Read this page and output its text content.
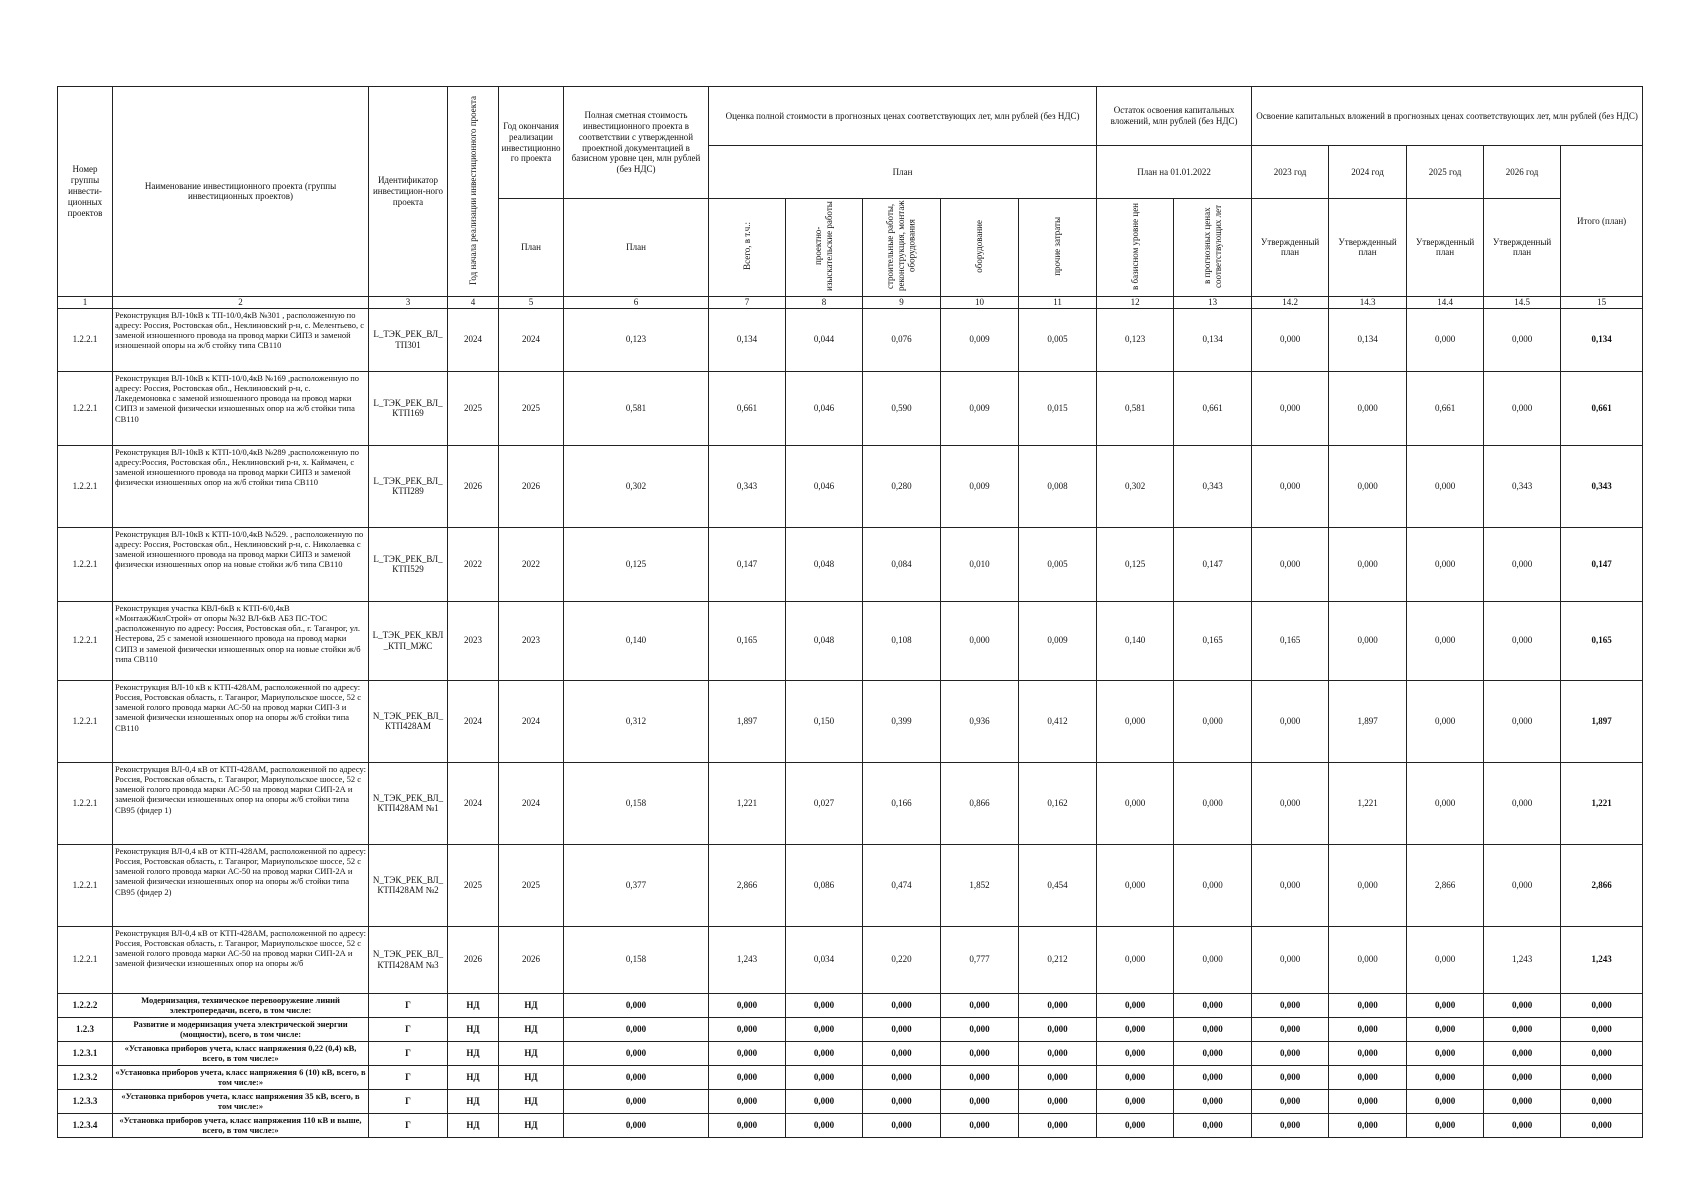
Номер группы инвести-ционных проектов	Наименование инвестиционного проекта (группы инвестиционных проектов)	Идентификатор инвестицион-ного проекта	Год начала реализации инвестиционного проекта	Год окончания реализации инвестиционного проекта	Полная сметная стоимость инвестиционного проекта в соответствии с утвержденной проектной документацией в базисном уровне цен, млн рублей (без НДС)	Оценка полной стоимости в прогнозных ценах соответствующих лет, млн рублей (без НДС)					Остаток освоения капитальных вложений, млн рублей (без НДС)		Освоение капитальных вложений в прогнозных ценах соответствующих лет, млн рублей (без НДС)				
						План					План на 01.01.2022		2023 год	2024 год	2025 год	2026 год	Итого (план)
				План	План	Всего, в т.ч.:	проектно-изыскательские работы	строительные работы, реконструкция, монтаж оборудования	оборудование	прочие затраты	в базисном уровне цен	в прогнозных ценах соответствующих лет	Утвержденный план	Утвержденный план	Утвержденный план	Утвержденный план	
1	2	3	4	5	6	7	8	9	10	11	12	13	14.2	14.3	14.4	14.5	15
1.2.2.1	Реконструкция ВЛ-10кВ к ТП-10/0,4кВ №301 , расположенную по адресу: Россия, Ростовская обл., Неклиновский р-н, с. Мелентьево, с заменой изношенного провода на провод марки СИП3 и заменой изношенной опоры на ж/б стойку типа СВ110	L_ТЭК_РЕК_ВЛ_ТП301	2024	2024	0,123	0,134	0,044	0,076	0,009	0,005	0,123	0,134	0,000	0,134	0,000	0,000	0,134
1.2.2.1	Реконструкция ВЛ-10кВ к КТП-10/0,4кВ №169 ,расположенную по адресу: Россия, Ростовская обл., Неклиновский р-н, с. Лакедемоновка с заменой изношенного провода на провод марки СИП3 и заменой физически изношенных опор на ж/б стойки типа СВ110	L_ТЭК_РЕК_ВЛ_КТП169	2025	2025	0,581	0,661	0,046	0,590	0,009	0,015	0,581	0,661	0,000	0,000	0,661	0,000	0,661
1.2.2.1	Реконструкция ВЛ-10кВ к КТП-10/0,4кВ №289 ,расположенную по адресу:Россия, Ростовская обл., Неклиновский р-н, х. Каймачен, с заменой изношенного провода на провод марки СИП3 и заменой физически изношенных опор на ж/б стойки типа СВ110	L_ТЭК_РЕК_ВЛ_КТП289	2026	2026	0,302	0,343	0,046	0,280	0,009	0,008	0,302	0,343	0,000	0,000	0,000	0,343	0,343
1.2.2.1	Реконструкция ВЛ-10кВ к КТП-10/0,4кВ №529. , расположенную по адресу: Россия, Ростовская обл., Неклиновский р-н, с. Николаевка с заменой изношенного провода на провод марки СИП3 и заменой физически изношенных опор на новые стойки ж/б типа СВ110	L_ТЭК_РЕК_ВЛ_КТП529	2022	2022	0,125	0,147	0,048	0,084	0,010	0,005	0,125	0,147	0,000	0,000	0,000	0,000	0,147
1.2.2.1	Реконструкция участка КВЛ-6кВ к КТП-6/0,4кВ «МонтажЖилСтрой» от опоры №32 ВЛ-6кВ АБЗ ПС-ТОС ,расположенную по адресу: Россия, Ростовская обл., г. Таганрог, ул. Нестерова, 25 с заменой изношенного провода на провод марки СИП3 и заменой физически изношенных опор на новые стойки ж/б типа СВ110	L_ТЭК_РЕК_КВЛ_КТП_МЖС	2023	2023	0,140	0,165	0,048	0,108	0,000	0,009	0,140	0,165	0,165	0,000	0,000	0,000	0,165
1.2.2.1	Реконструкция ВЛ-10 кВ к КТП-428АМ, расположенной по адресу: Россия, Ростовская область, г. Таганрог, Мариупольское шоссе, 52 с заменой голого провода марки АС-50 на провод марки СИП-3 и заменой физически изношенных опор на опоры ж/б стойки типа СВ110	N_ТЭК_РЕК_ВЛ_КТП428АМ	2024	2024	0,312	1,897	0,150	0,399	0,936	0,412	0,000	0,000	0,000	1,897	0,000	0,000	1,897
1.2.2.1	Реконструкция ВЛ-0,4 кВ от КТП-428АМ, расположенной по адресу: Россия, Ростовская область, г. Таганрог, Мариупольское шоссе, 52 с заменой голого провода марки АС-50 на провод марки СИП-2А и заменой физически изношенных опор на опоры ж/б стойки типа СВ95 (фидер 1)	N_ТЭК_РЕК_ВЛ_КТП428АМ №1	2024	2024	0,158	1,221	0,027	0,166	0,866	0,162	0,000	0,000	0,000	1,221	0,000	0,000	1,221
1.2.2.1	Реконструкция ВЛ-0,4 кВ от КТП-428АМ, расположенной по адресу: Россия, Ростовская область, г. Таганрог, Мариупольское шоссе, 52 с заменой голого провода марки АС-50 на провод марки СИП-2А и заменой физически изношенных опор на опоры ж/б стойки типа СВ95 (фидер 2)	N_ТЭК_РЕК_ВЛ_КТП428АМ №2	2025	2025	0,377	2,866	0,086	0,474	1,852	0,454	0,000	0,000	0,000	0,000	2,866	0,000	2,866
1.2.2.1	Реконструкция ВЛ-0,4 кВ от КТП-428АМ, расположенной по адресу: Россия, Ростовская область, г. Таганрог, Мариупольское шоссе, 52 с заменой голого провода марки АС-50 на провод марки СИП-2А и заменой физически изношенных опор на опоры ж/б	N_ТЭК_РЕК_ВЛ_КТП428АМ №3	2026	2026	0,158	1,243	0,034	0,220	0,777	0,212	0,000	0,000	0,000	0,000	0,000	1,243	1,243
1.2.2.2	Модернизация, техническое перевооружение линий электропередачи, всего, в том числе:	Г	НД	НД	0,000	0,000	0,000	0,000	0,000	0,000	0,000	0,000	0,000	0,000	0,000	0,000	0,000
1.2.3	Развитие и модернизация учета электрической энергии (мощности), всего, в том числе:	Г	НД	НД	0,000	0,000	0,000	0,000	0,000	0,000	0,000	0,000	0,000	0,000	0,000	0,000	0,000
1.2.3.1	«Установка приборов учета, класс напряжения 0,22 (0,4) кВ, всего, в том числе:»	Г	НД	НД	0,000	0,000	0,000	0,000	0,000	0,000	0,000	0,000	0,000	0,000	0,000	0,000	0,000
1.2.3.2	«Установка приборов учета, класс напряжения 6 (10) кВ, всего, в том числе:»	Г	НД	НД	0,000	0,000	0,000	0,000	0,000	0,000	0,000	0,000	0,000	0,000	0,000	0,000	0,000
1.2.3.3	«Установка приборов учета, класс напряжения 35 кВ, всего, в том числе:»	Г	НД	НД	0,000	0,000	0,000	0,000	0,000	0,000	0,000	0,000	0,000	0,000	0,000	0,000	0,000
1.2.3.4	«Установка приборов учета, класс напряжения 110 кВ и выше, всего, в том числе:»	Г	НД	НД	0,000	0,000	0,000	0,000	0,000	0,000	0,000	0,000	0,000	0,000	0,000	0,000	0,000
